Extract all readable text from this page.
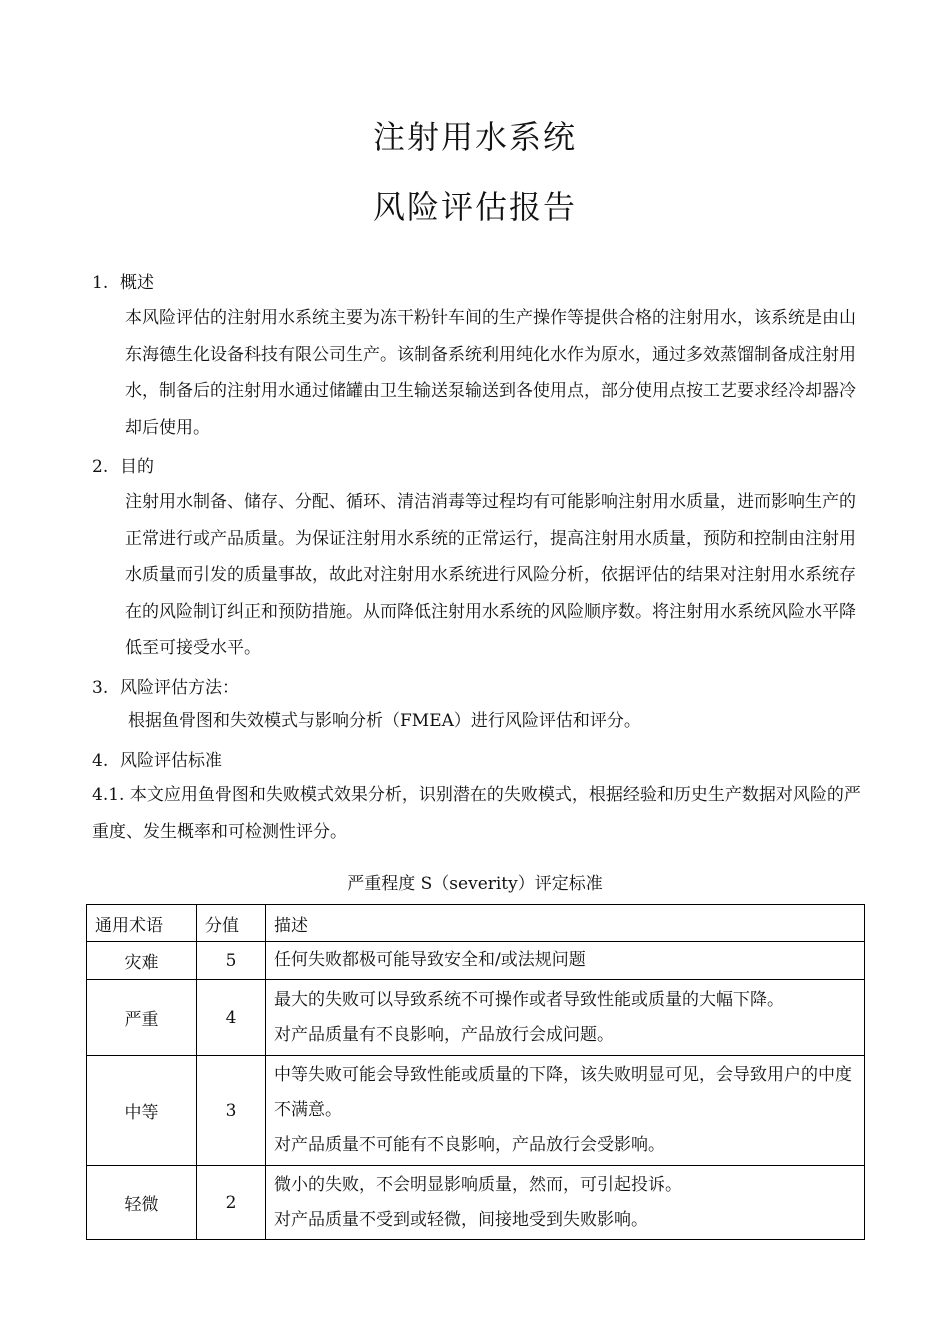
注射用水系统
风险评估报告
1. 概述
本风险评估的注射用水系统主要为冻干粉针车间的生产操作等提供合格的注射用水，该系统是由山东海德生化设备科技有限公司生产。该制备系统利用纯化水作为原水，通过多效蒸馏制备成注射用水，制备后的注射用水通过储罐由卫生输送泵输送到各使用点，部分使用点按工艺要求经冷却器冷却后使用。
2. 目的
注射用水制备、储存、分配、循环、清洁消毒等过程均有可能影响注射用水质量，进而影响生产的正常进行或产品质量。为保证注射用水系统的正常运行，提高注射用水质量，预防和控制由注射用水质量而引发的质量事故，故此对注射用水系统进行风险分析，依据评估的结果对注射用水系统存在的风险制订纠正和预防措施。从而降低注射用水系统的风险顺序数。将注射用水系统风险水平降低至可接受水平。
3. 风险评估方法：
根据鱼骨图和失效模式与影响分析（FMEA）进行风险评估和评分。
4. 风险评估标准
4.1. 本文应用鱼骨图和失败模式效果分析，识别潜在的失败模式，根据经验和历史生产数据对风险的严重度、发生概率和可检测性评分。
严重程度 S（severity）评定标准
通用术语	分值	描述
灾难	5	任何失败都极可能导致安全和/或法规问题

严重	4	最大的失败可以导致系统不可操作或者导致性能或质量的大幅下降。
对产品质量有不良影响，产品放行会成问题。

中等	3	中等失败可能会导致性能或质量的下降，该失败明显可见，会导致用户的中度不满意。
对产品质量不可能有不良影响，产品放行会受影响。

轻微	2	微小的失败，不会明显影响质量，然而，可引起投诉。
对产品质量不受到或轻微，间接地受到失败影响。
